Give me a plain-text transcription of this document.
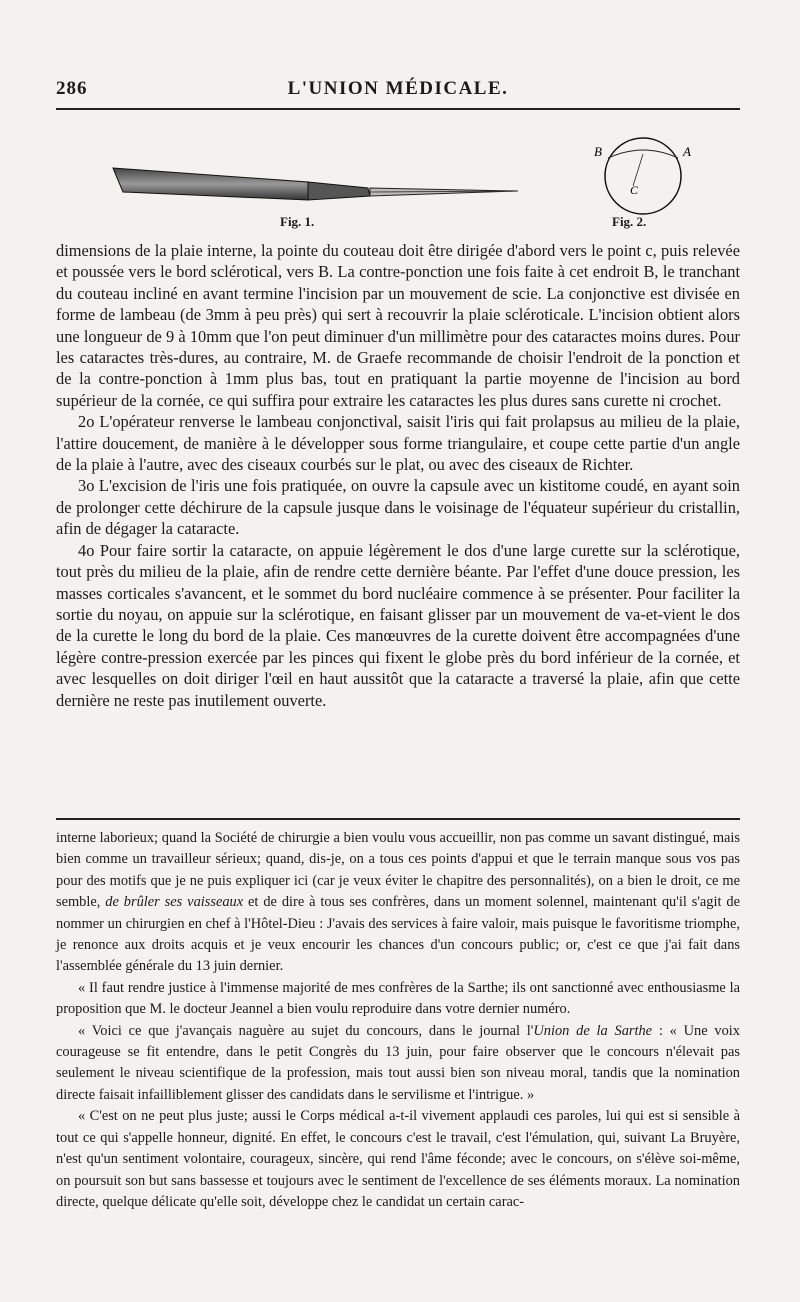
286	L'UNION MÉDICALE.
Fig. 1.
B	A
C
Fig. 2.

dimensions de la plaie interne, la pointe du couteau doit être dirigée d'abord vers le point c, puis relevée et poussée vers le bord sclérotical, vers B. La contre-ponction une fois faite à cet endroit B, le tranchant du couteau incliné en avant termine l'incision par un mouvement de scie. La conjonctive est divisée en forme de lambeau (de 3mm à peu près) qui sert à recouvrir la plaie scléroticale. L'incision obtient alors une longueur de 9 à 10mm que l'on peut diminuer d'un millimètre pour des cataractes moins dures. Pour les cataractes très-dures, au contraire, M. de Graefe recommande de choisir l'endroit de la ponction et de la contre-ponction à 1mm plus bas, tout en pratiquant la partie moyenne de l'incision au bord supérieur de la cornée, ce qui suffira pour extraire les cataractes les plus dures sans curette ni crochet.

2o L'opérateur renverse le lambeau conjonctival, saisit l'iris qui fait prolapsus au milieu de la plaie, l'attire doucement, de manière à le développer sous forme triangulaire, et coupe cette partie d'un angle de la plaie à l'autre, avec des ciseaux courbés sur le plat, ou avec des ciseaux de Richter.

3o L'excision de l'iris une fois pratiquée, on ouvre la capsule avec un kistitome coudé, en ayant soin de prolonger cette déchirure de la capsule jusque dans le voisinage de l'équateur supérieur du cristallin, afin de dégager la cataracte.

4o Pour faire sortir la cataracte, on appuie légèrement le dos d'une large curette sur la sclérotique, tout près du milieu de la plaie, afin de rendre cette dernière béante. Par l'effet d'une douce pression, les masses corticales s'avancent, et le sommet du bord nucléaire commence à se présenter. Pour faciliter la sortie du noyau, on appuie sur la sclérotique, en faisant glisser par un mouvement de va-et-vient le dos de la curette le long du bord de la plaie. Ces manœuvres de la curette doivent être accompagnées d'une légère contre-pression exercée par les pinces qui fixent le globe près du bord inférieur de la cornée, et avec lesquelles on doit diriger l'œil en haut aussitôt que la cataracte a traversé la plaie, afin que cette dernière ne reste pas inutilement ouverte.

interne laborieux; quand la Société de chirurgie a bien voulu vous accueillir, non pas comme un savant distingué, mais bien comme un travailleur sérieux; quand, dis-je, on a tous ces points d'appui et que le terrain manque sous vos pas pour des motifs que je ne puis expliquer ici (car je veux éviter le chapitre des personnalités), on a bien le droit, ce me semble, de brûler ses vaisseaux et de dire à tous ses confrères, dans un moment solennel, maintenant qu'il s'agit de nommer un chirurgien en chef à l'Hôtel-Dieu : J'avais des services à faire valoir, mais puisque le favoritisme triomphe, je renonce aux droits acquis et je veux encourir les chances d'un concours public; or, c'est ce que j'ai fait dans l'assemblée générale du 13 juin dernier.

« Il faut rendre justice à l'immense majorité de mes confrères de la Sarthe; ils ont sanctionné avec enthousiasme la proposition que M. le docteur Jeannel a bien voulu reproduire dans votre dernier numéro.

« Voici ce que j'avançais naguère au sujet du concours, dans le journal l'Union de la Sarthe : « Une voix courageuse se fit entendre, dans le petit Congrès du 13 juin, pour faire observer que le concours n'élevait pas seulement le niveau scientifique de la profession, mais tout aussi bien son niveau moral, tandis que la nomination directe faisait infailliblement glisser des candidats dans le servilisme et l'intrigue. »

« C'est on ne peut plus juste; aussi le Corps médical a-t-il vivement applaudi ces paroles, lui qui est si sensible à tout ce qui s'appelle honneur, dignité. En effet, le concours c'est le travail, c'est l'émulation, qui, suivant La Bruyère, n'est qu'un sentiment volontaire, courageux, sincère, qui rend l'âme féconde; avec le concours, on s'élève soi-même, on poursuit son but sans bassesse et toujours avec le sentiment de l'excellence de ses éléments moraux. La nomination directe, quelque délicate qu'elle soit, développe chez le candidat un certain carac-
